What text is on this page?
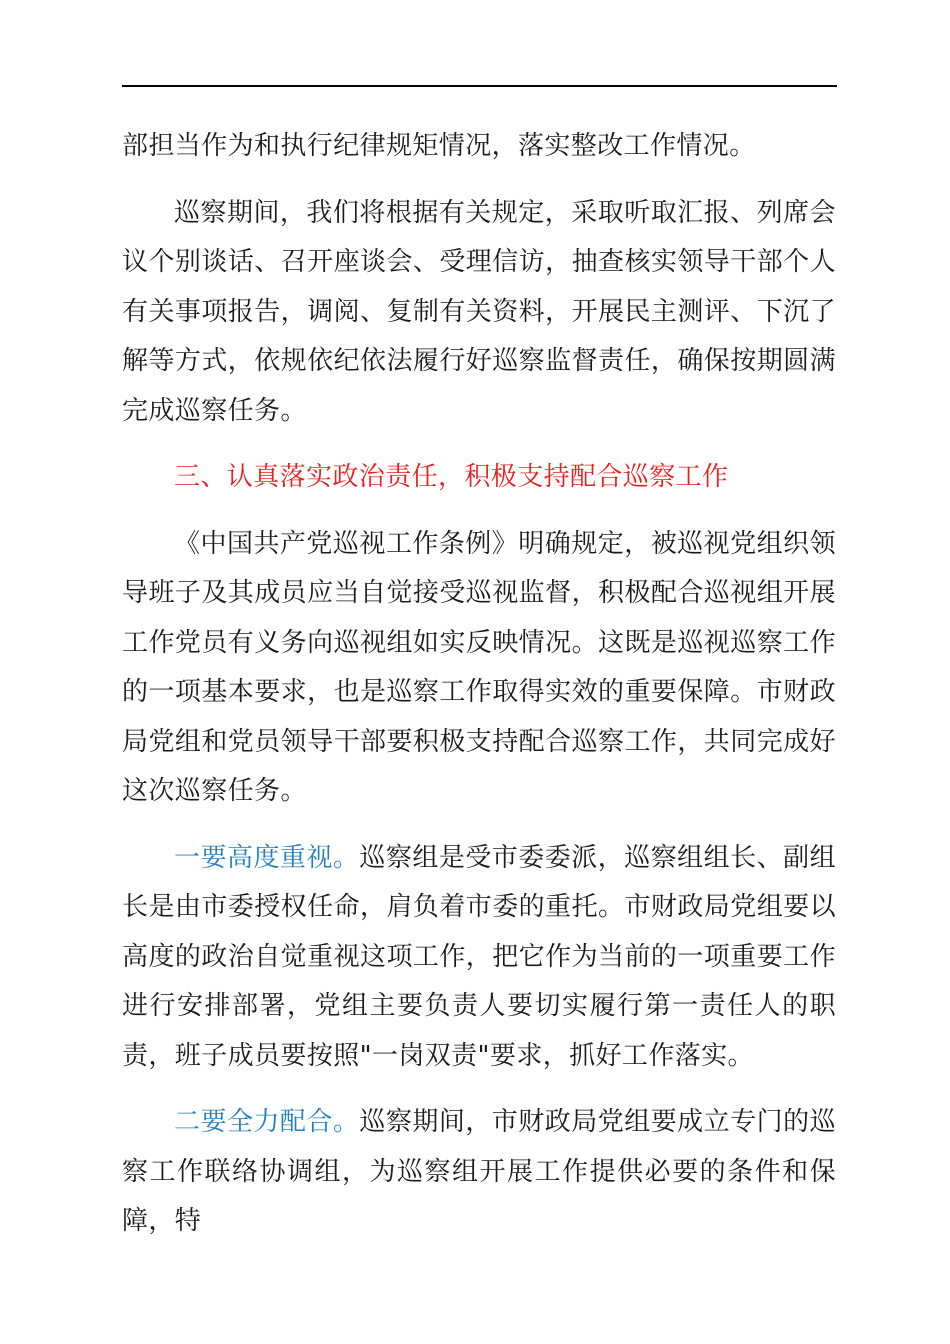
部担当作为和执行纪律规矩情况，落实整改工作情况。

巡察期间，我们将根据有关规定，采取听取汇报、列席会议个别谈话、召开座谈会、受理信访，抽查核实领导干部个人有关事项报告，调阅、复制有关资料，开展民主测评、下沉了解等方式，依规依纪依法履行好巡察监督责任，确保按期圆满完成巡察任务。

三、认真落实政治责任，积极支持配合巡察工作

《中国共产党巡视工作条例》明确规定，被巡视党组织领导班子及其成员应当自觉接受巡视监督，积极配合巡视组开展工作党员有义务向巡视组如实反映情况。这既是巡视巡察工作的一项基本要求，也是巡察工作取得实效的重要保障。市财政局党组和党员领导干部要积极支持配合巡察工作，共同完成好这次巡察任务。

一要高度重视。巡察组是受市委委派，巡察组组长、副组长是由市委授权任命，肩负着市委的重托。市财政局党组要以高度的政治自觉重视这项工作，把它作为当前的一项重要工作进行安排部署，党组主要负责人要切实履行第一责任人的职责，班子成员要按照"一岗双责"要求，抓好工作落实。

二要全力配合。巡察期间，市财政局党组要成立专门的巡察工作联络协调组，为巡察组开展工作提供必要的条件和保障，特
